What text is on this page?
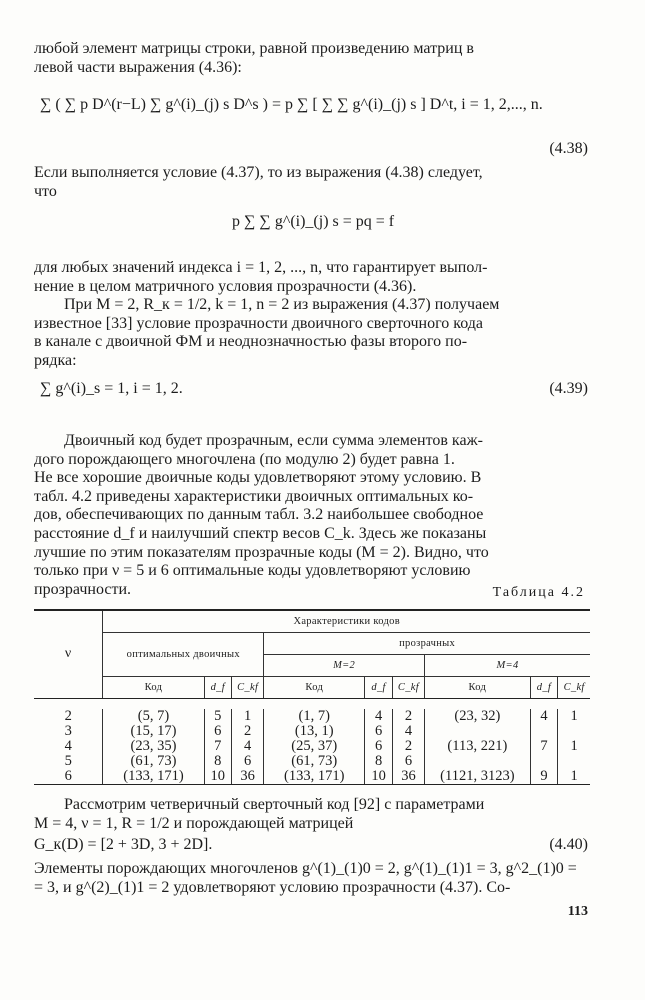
любой элемент матрицы строки, равной произведению матриц в
левой части выражения (4.36):
∑ ( ∑ p D^(r−L) ∑ g^(i)_(j) s D^s ) = p ∑ [ ∑ ∑ g^(i)_(j) s ] D^t, i = 1, 2,..., n.
(4.38)
Если выполняется условие (4.37), то из выражения (4.38) следует,
что
p ∑ ∑ g^(i)_(j) s = pq = f
для любых значений индекса i = 1, 2, ..., n, что гарантирует выпол-
нение в целом матричного условия прозрачности (4.36).
При M = 2, R_к = 1/2, k = 1, n = 2 из выражения (4.37) получаем
известное [33] условие прозрачности двоичного сверточного кода
в канале с двоичной ФМ и неоднозначностью фазы второго по-
рядка:
∑ g^(i)_s = 1, i = 1, 2.	(4.39)
Двоичный код будет прозрачным, если сумма элементов каж-
дого порождающего многочлена (по модулю 2) будет равна 1.
Не все хорошие двоичные коды удовлетворяют этому условию. В
табл. 4.2 приведены характеристики двоичных оптимальных ко-
дов, обеспечивающих по данным табл. 3.2 наибольшее свободное
расстояние d_f и наилучший спектр весов C_k. Здесь же показаны
лучшие по этим показателям прозрачные коды (M = 2). Видно, что
только при ν = 5 и 6 оптимальные коды удовлетворяют условию
прозрачности.	Таблица 4.2
ν	Характеристики кодов								
	оптимальных двоичных			прозрачных					
				M=2			M=4		
	Код	d_f	C_kf	Код	d_f	C_kf	Код	d_f	C_kf

2	(5, 7)	5	1	(1, 7)	4	2	(23, 32)	4	1
3	(15, 17)	6	2	(13, 1)	6	4			
4	(23, 35)	7	4	(25, 37)	6	2	(113, 221)	7	1
5	(61, 73)	8	6	(61, 73)	8	6			
6	(133, 171)	10	36	(133, 171)	10	36	(1121, 3123)	9	1
Рассмотрим четверичный сверточный код [92] с параметрами
M = 4, ν = 1, R = 1/2 и порождающей матрицей
G_к(D) = [2 + 3D, 3 + 2D].	(4.40)
Элементы порождающих многочленов g^(1)_(1)0 = 2, g^(1)_(1)1 = 3, g^2_(1)0 =
= 3, и g^(2)_(1)1 = 2 удовлетворяют условию прозрачности (4.37). Со-
113
